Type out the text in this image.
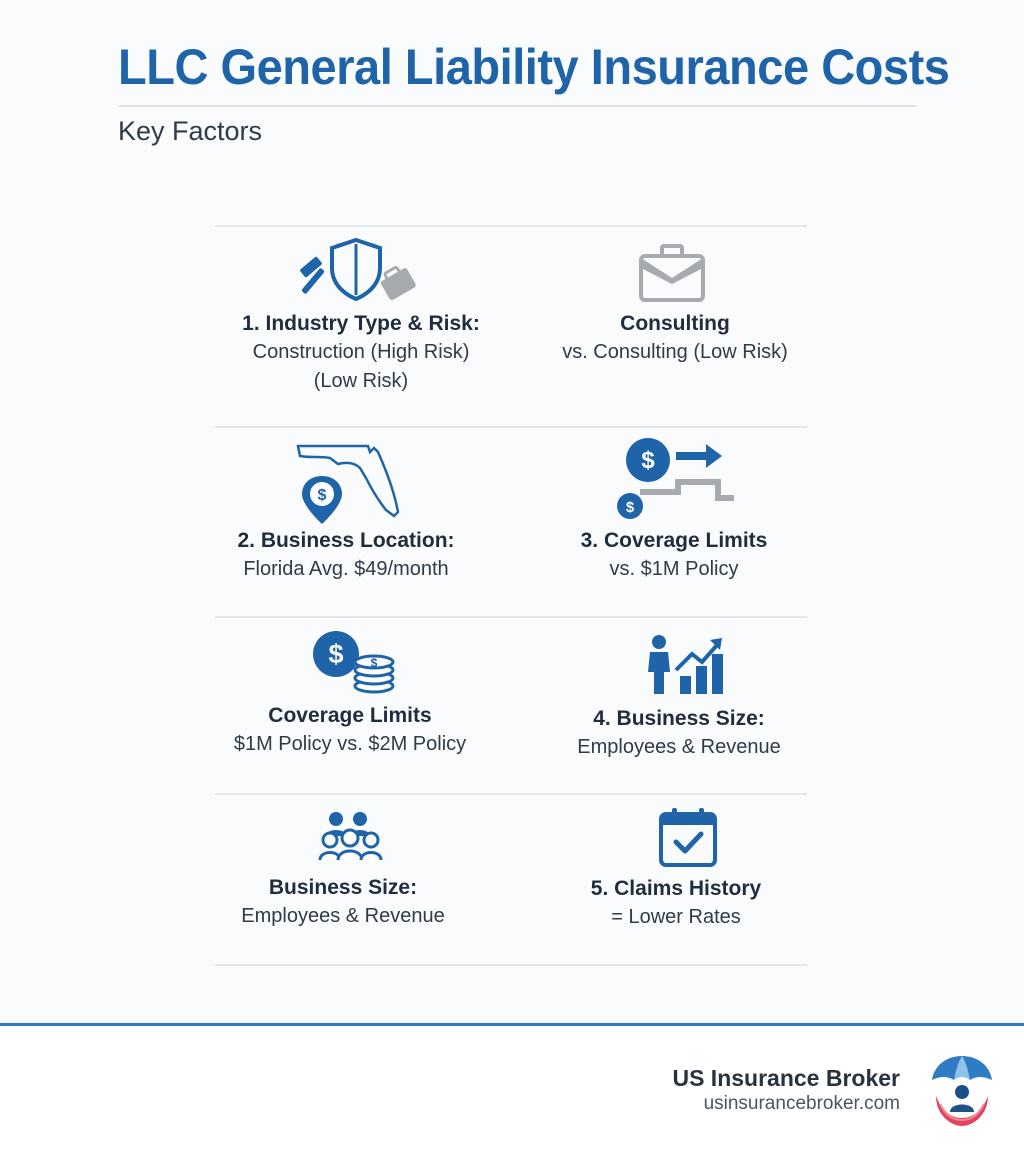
LLC General Liability Insurance Costs
Key Factors
1. Industry Type & Risk:
Construction (High Risk)
(Low Risk)
Consulting
vs. Consulting (Low Risk)
$
2. Business Location:
Florida Avg. $49/month
$
$
3. Coverage Limits
vs. $1M Policy
$ $
Coverage Limits
$1M Policy vs. $2M Policy
4. Business Size:
Employees & Revenue
Business Size:
Employees & Revenue
5. Claims History
= Lower Rates
US Insurance Broker
usinsurancebroker.com
